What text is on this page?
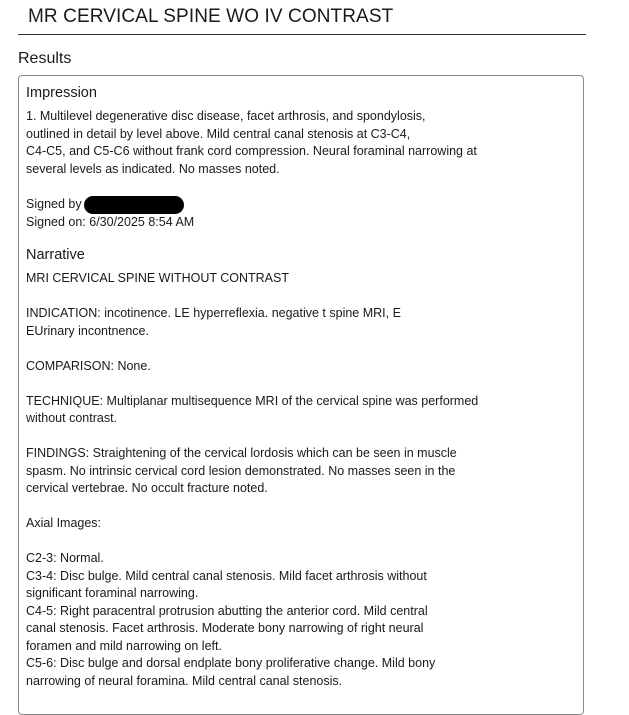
MR CERVICAL SPINE WO IV CONTRAST
Results
Impression

1. Multilevel degenerative disc disease, facet arthrosis, and spondylosis,
outlined in detail by level above. Mild central canal stenosis at C3-C4,
C4-C5, and C5-C6 without frank cord compression. Neural foraminal narrowing at
several levels as indicated. No masses noted.

Signed by

Signed on: 6/30/2025 8:54 AM

Narrative

MRI CERVICAL SPINE WITHOUT CONTRAST

INDICATION: incotinence. LE hyperreflexia. negative t spine MRI, E
EUrinary incontnence.

COMPARISON: None.

TECHNIQUE: Multiplanar multisequence MRI of the cervical spine was performed
without contrast.

FINDINGS: Straightening of the cervical lordosis which can be seen in muscle
spasm. No intrinsic cervical cord lesion demonstrated. No masses seen in the
cervical vertebrae. No occult fracture noted.

Axial Images:

C2-3: Normal.

C3-4: Disc bulge. Mild central canal stenosis. Mild facet arthrosis without
significant foraminal narrowing.

C4-5: Right paracentral protrusion abutting the anterior cord. Mild central
canal stenosis. Facet arthrosis. Moderate bony narrowing of right neural
foramen and mild narrowing on left.

C5-6: Disc bulge and dorsal endplate bony proliferative change. Mild bony
narrowing of neural foramina. Mild central canal stenosis.
